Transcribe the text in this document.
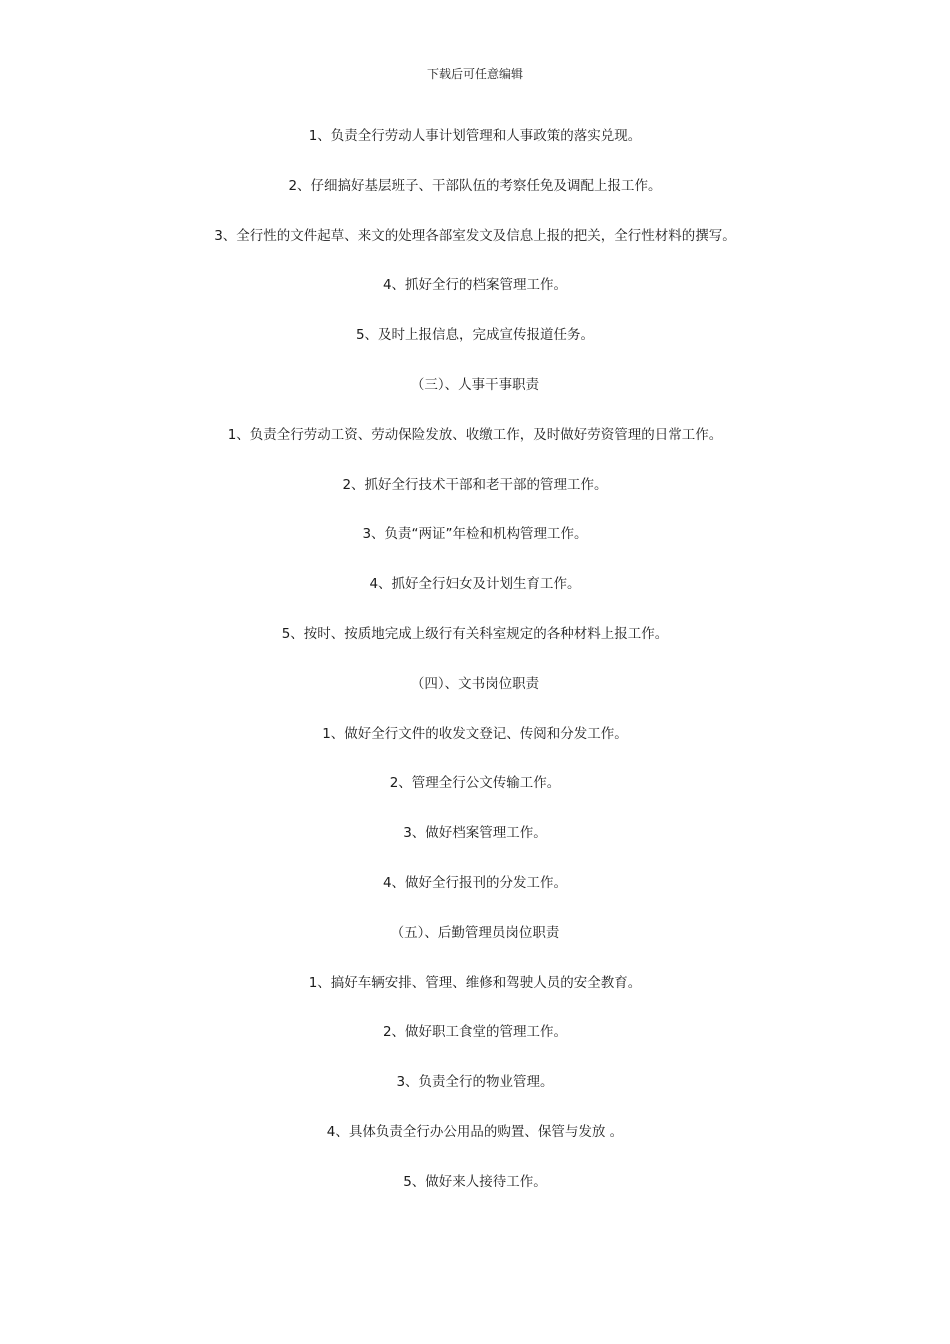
下载后可任意编辑
1、负责全行劳动人事计划管理和人事政策的落实兑现。
2、仔细搞好基层班子、干部队伍的考察任免及调配上报工作。
3、全行性的文件起草、来文的处理各部室发文及信息上报的把关，全行性材料的撰写。
4、抓好全行的档案管理工作。
5、及时上报信息，完成宣传报道任务。
（三）、人事干事职责
1、负责全行劳动工资、劳动保险发放、收缴工作，及时做好劳资管理的日常工作。
2、抓好全行技术干部和老干部的管理工作。
3、负责“两证”年检和机构管理工作。
4、抓好全行妇女及计划生育工作。
5、按时、按质地完成上级行有关科室规定的各种材料上报工作。
（四）、文书岗位职责
1、做好全行文件的收发文登记、传阅和分发工作。
2、管理全行公文传输工作。
3、做好档案管理工作。
4、做好全行报刊的分发工作。
（五）、后勤管理员岗位职责
1、搞好车辆安排、管理、维修和驾驶人员的安全教育。
2、做好职工食堂的管理工作。
3、负责全行的物业管理。
4、具体负责全行办公用品的购置、保管与发放 。
5、做好来人接待工作。
